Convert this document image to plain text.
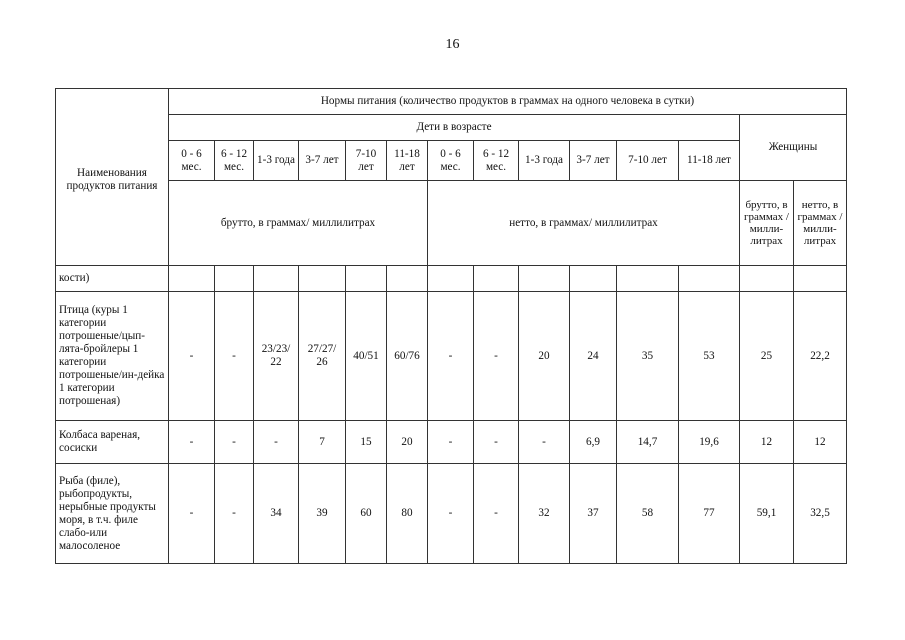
16
Наименования продуктов питания	Нормы питания (количество продуктов в граммах на одного человека в сутки)													
	Дети в возрасте												Женщины	
	0 - 6 мес.	6 - 12 мес.	1-3 года	3-7 лет	7-10 лет	11-18 лет	0 - 6 мес.	6 - 12 мес.	1-3 года	3-7 лет	7-10 лет	11-18 лет		
	брутто, в граммах/ миллилитрах						нетто, в граммах/ миллилитрах						брутто, в граммах / милли-литрах	нетто, в граммах / милли-литрах
кости)														
Птица (куры 1 категории потрошеные/цып-лята-бройлеры 1 категории потрошеные/ин-дейка 1 категории потрошеная)	-	-	23/23/ 22	27/27/ 26	40/51	60/76	-	-	20	24	35	53	25	22,2
Колбаса вареная, сосиски	-	-	-	7	15	20	-	-	-	6,9	14,7	19,6	12	12
Рыба (филе), рыбопродукты, нерыбные продукты моря, в т.ч. филе слабо-или малосоленое	-	-	34	39	60	80	-	-	32	37	58	77	59,1	32,5
